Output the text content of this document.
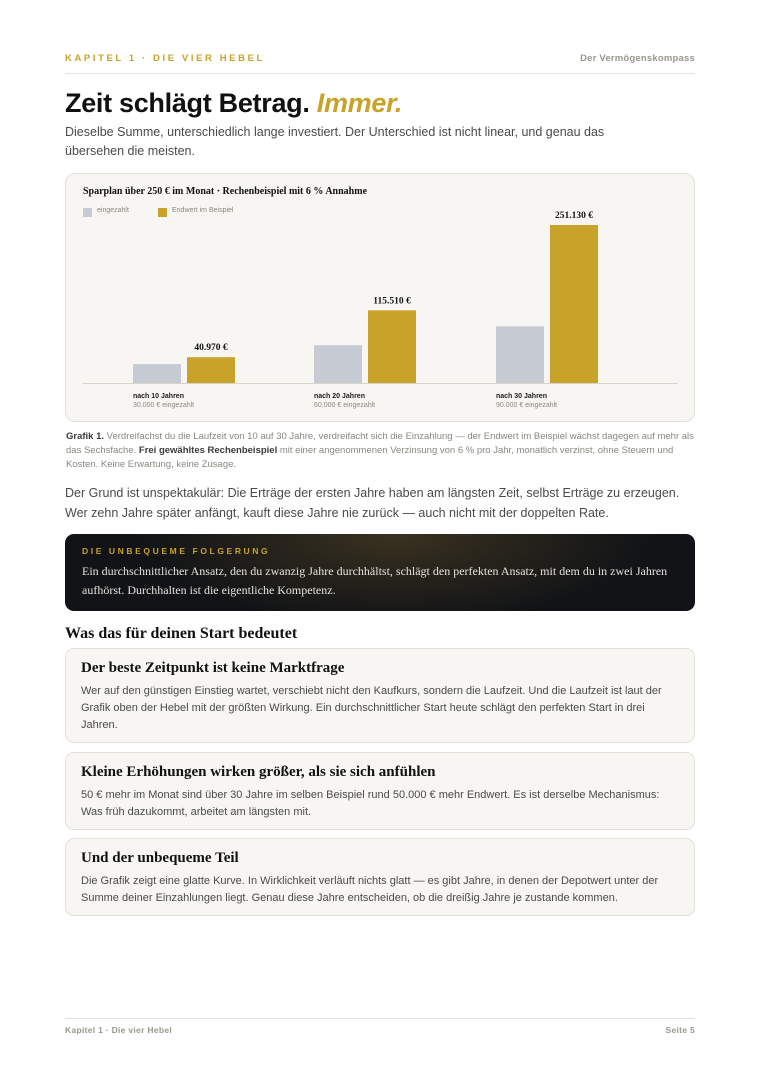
KAPITEL 1 · DIE VIER HEBEL	Der Vermögenskompass
Zeit schlägt Betrag. Immer.

Dieselbe Summe, unterschiedlich lange investiert. Der Unterschied ist nicht linear, und genau das übersehen die meisten.

40.970 €
nach 10 Jahren
30.000 € eingezahlt
115.510 €
nach 20 Jahren
60.000 € eingezahlt
251.130 €
nach 30 Jahren
90.000 € eingezahlt
Sparplan über 250 € im Monat · Rechenbeispiel mit 6 % Annahme
eingezahlt	Endwert im Beispiel

Grafik 1. Verdreifachst du die Laufzeit von 10 auf 30 Jahre, verdreifacht sich die Einzahlung — der Endwert im Beispiel wächst dagegen auf mehr als das Sechsfache. Frei gewähltes Rechenbeispiel mit einer angenommenen Verzinsung von 6 % pro Jahr, monatlich verzinst, ohne Steuern und Kosten. Keine Erwartung, keine Zusage.

Der Grund ist unspektakulär: Die Erträge der ersten Jahre haben am längsten Zeit, selbst Erträge zu erzeugen. Wer zehn Jahre später anfängt, kauft diese Jahre nie zurück — auch nicht mit der doppelten Rate.

DIE UNBEQUEME FOLGERUNG
Ein durchschnittlicher Ansatz, den du zwanzig Jahre durchhältst, schlägt den perfekten Ansatz, mit dem du in zwei Jahren aufhörst. Durchhalten ist die eigentliche Kompetenz.
Was das für deinen Start bedeutet
Der beste Zeitpunkt ist keine Marktfrage

Wer auf den günstigen Einstieg wartet, verschiebt nicht den Kaufkurs, sondern die Laufzeit. Und die Laufzeit ist laut der Grafik oben der Hebel mit der größten Wirkung. Ein durchschnittlicher Start heute schlägt den perfekten Start in drei Jahren.

Kleine Erhöhungen wirken größer, als sie sich anfühlen

50 € mehr im Monat sind über 30 Jahre im selben Beispiel rund 50.000 € mehr Endwert. Es ist derselbe Mechanismus: Was früh dazukommt, arbeitet am längsten mit.

Und der unbequeme Teil

Die Grafik zeigt eine glatte Kurve. In Wirklichkeit verläuft nichts glatt — es gibt Jahre, in denen der Depotwert unter der Summe deiner Einzahlungen liegt. Genau diese Jahre entscheiden, ob die dreißig Jahre je zustande kommen.

Kapitel 1 · Die vier Hebel	Seite 5
